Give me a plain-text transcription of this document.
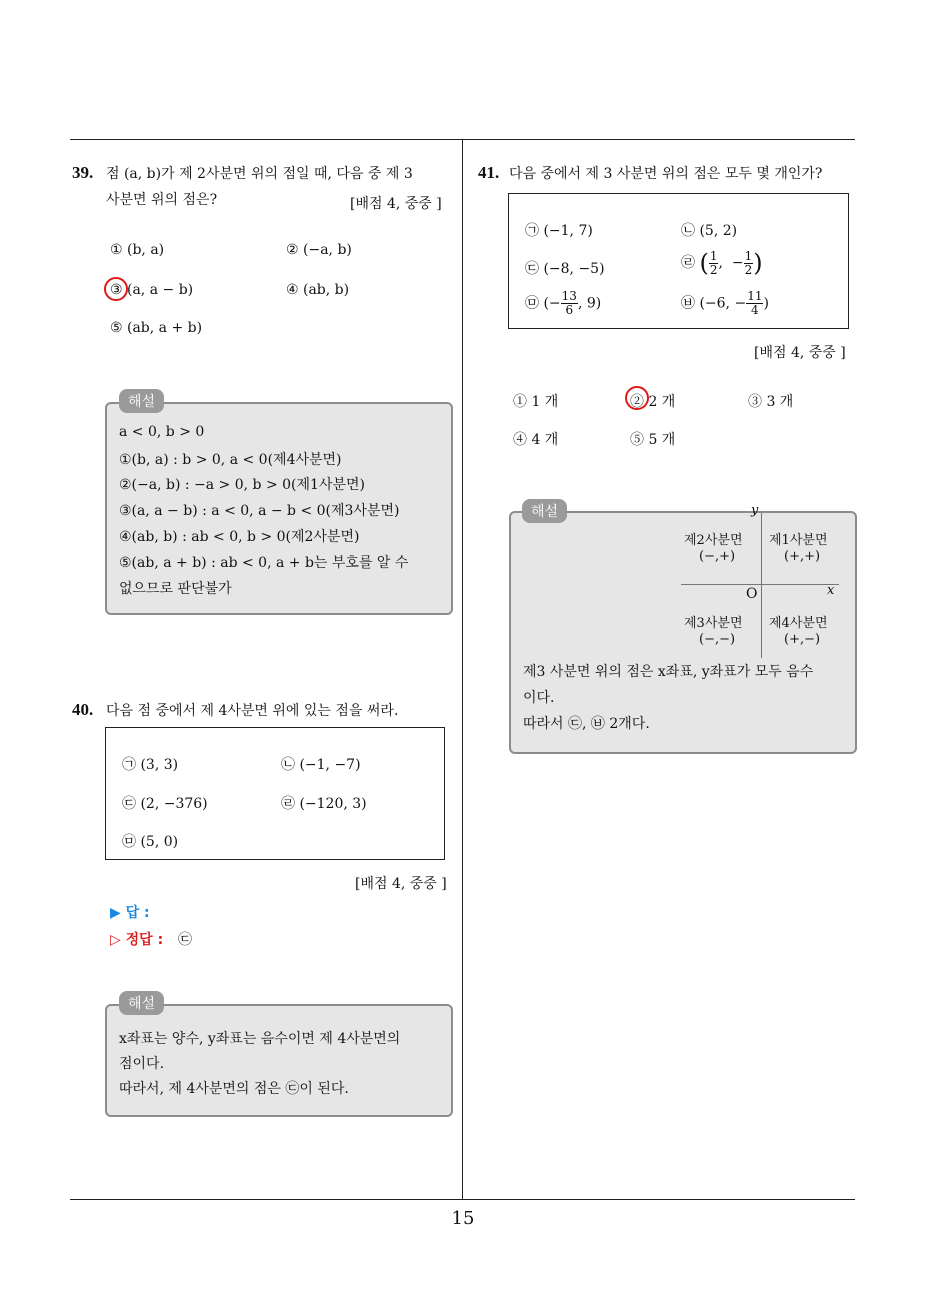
15
39. 점 (a, b)가 제 2사분면 위의 점일 때, 다음 중 제 3
사분면 위의 점은?	[배점 4, 중중 ]
① (b, a)	② (−a, b)
③ (a, a − b)	④ (ab, b)
⑤ (ab, a + b)
a < 0, b > 0
①(b, a) : b > 0, a < 0(제4사분면)
②(−a, b) : −a > 0, b > 0(제1사분면)
③(a, a − b) : a < 0, a − b < 0(제3사분면)
④(ab, b) : ab < 0, b > 0(제2사분면)
⑤(ab, a + b) : ab < 0, a + b는 부호를 알 수
없으므로 판단불가
해설
40. 다음 점 중에서 제 4사분면 위에 있는 점을 써라.
㉠ (3, 3)	㉡ (−1, −7)
㉢ (2, −376)	㉣ (−120, 3)
㉤ (5, 0)
[배점 4, 중중 ]
▶ 답 :
▷ 정답 : ㉢
x좌표는 양수, y좌표는 음수이면 제 4사분면의
점이다.
따라서, 제 4사분면의 점은 ㉢이 된다.
해설
41. 다음 중에서 제 3 사분면 위의 점은 모두 몇 개인가?
㉠ (−1, 7)	㉡ (5, 2)
㉢ (−8, −5)	㉣ ( $\frac{1}{2}$ ,  − $\frac{1}{2}$ )
㉤ (− $\frac{13}{6}$ , 9)	㉥ (−6, − $\frac{11}{4}$ )
[배점 4, 중중 ]
① 1 개	② 2 개	③ 3 개
④ 4 개	⑤ 5 개
y
x
O
제2사분면
(−,+)
제1사분면
(+,+)
제3사분면
(−,−)
제4사분면
(+,−)
제3 사분면 위의 점은 x좌표, y좌표가 모두 음수
이다.
따라서 ㉢, ㉥ 2개다.
해설
